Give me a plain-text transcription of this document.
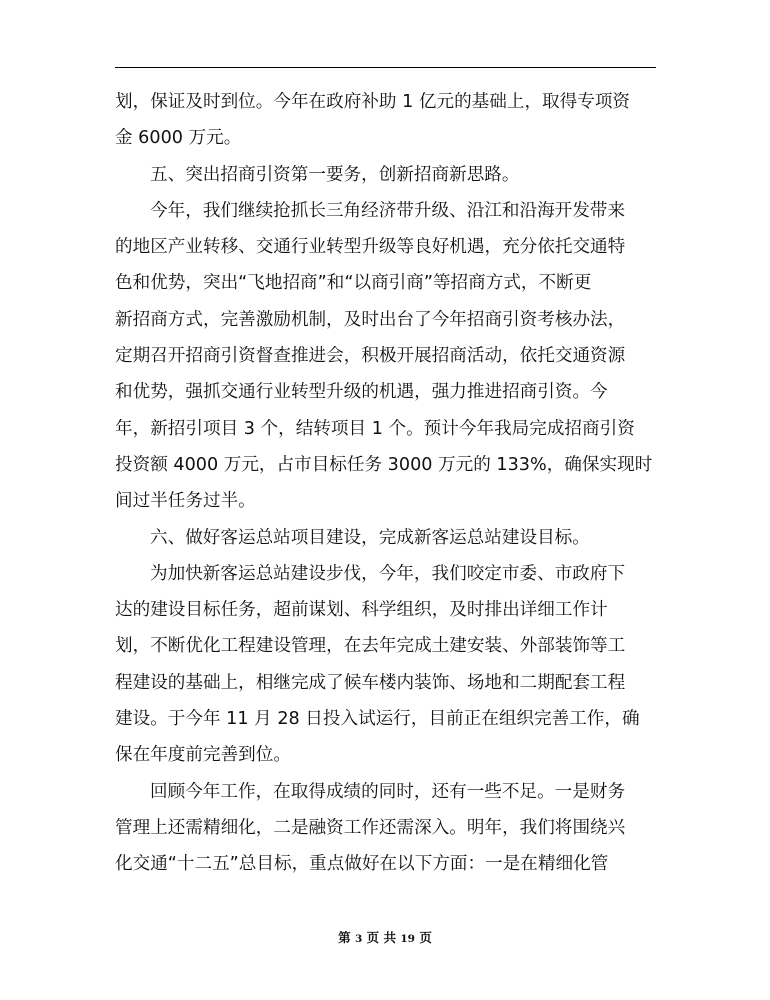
划，保证及时到位。今年在政府补助 1 亿元的基础上，取得专项资
金 6000 万元。
五、突出招商引资第一要务，创新招商新思路。
今年，我们继续抢抓长三角经济带升级、沿江和沿海开发带来
的地区产业转移、交通行业转型升级等良好机遇，充分依托交通特
色和优势，突出“飞地招商”和“以商引商”等招商方式，不断更
新招商方式，完善激励机制，及时出台了今年招商引资考核办法，
定期召开招商引资督查推进会，积极开展招商活动，依托交通资源
和优势，强抓交通行业转型升级的机遇，强力推进招商引资。今
年，新招引项目 3 个，结转项目 1 个。预计今年我局完成招商引资
投资额 4000 万元，占市目标任务 3000 万元的 133%，确保实现时
间过半任务过半。
六、做好客运总站项目建设，完成新客运总站建设目标。
为加快新客运总站建设步伐，今年，我们咬定市委、市政府下
达的建设目标任务，超前谋划、科学组织，及时排出详细工作计
划，不断优化工程建设管理，在去年完成土建安装、外部装饰等工
程建设的基础上，相继完成了候车楼内装饰、场地和二期配套工程
建设。于今年 11 月 28 日投入试运行，目前正在组织完善工作，确
保在年度前完善到位。
回顾今年工作，在取得成绩的同时，还有一些不足。一是财务
管理上还需精细化，二是融资工作还需深入。明年，我们将围绕兴
化交通“十二五”总目标，重点做好在以下方面：一是在精细化管
第 3 页 共 19 页
